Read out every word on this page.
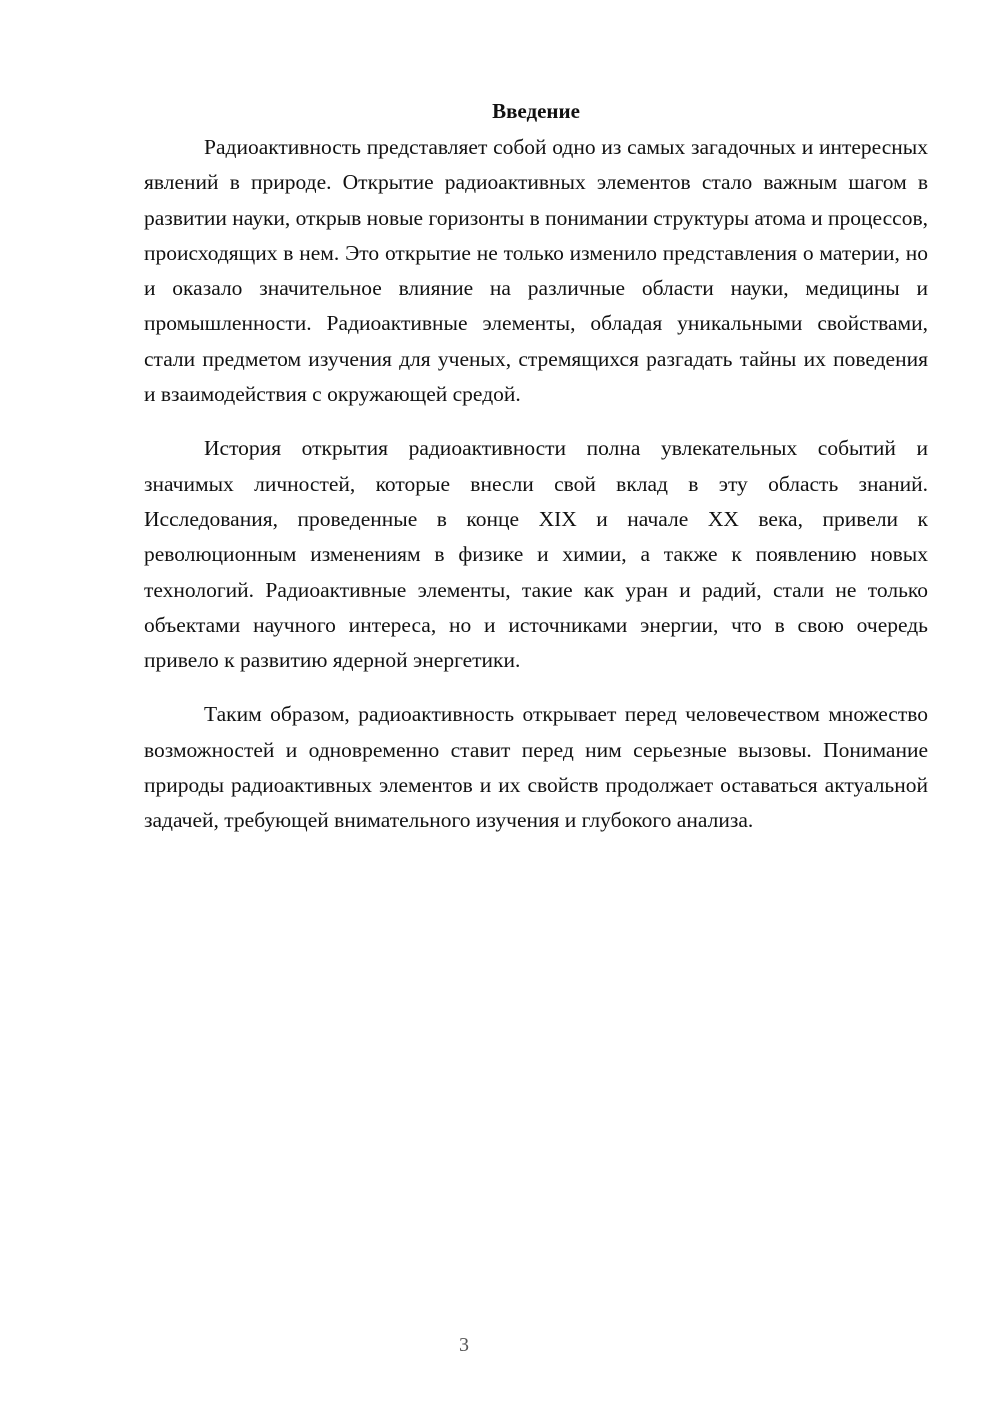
Введение

Радиоактивность представляет собой одно из самых загадочных и интересных явлений в природе. Открытие радиоактивных элементов стало важным шагом в развитии науки, открыв новые горизонты в понимании структуры атома и процессов, происходящих в нем. Это открытие не только изменило представления о материи, но и оказало значительное влияние на различные области науки, медицины и промышленности. Радиоактивные элементы, обладая уникальными свойствами, стали предметом изучения для ученых, стремящихся разгадать тайны их поведения и взаимодействия с окружающей средой.

История открытия радиоактивности полна увлекательных событий и значимых личностей, которые внесли свой вклад в эту область знаний. Исследования, проведенные в конце XIX и начале XX века, привели к революционным изменениям в физике и химии, а также к появлению новых технологий. Радиоактивные элементы, такие как уран и радий, стали не только объектами научного интереса, но и источниками энергии, что в свою очередь привело к развитию ядерной энергетики.

Таким образом, радиоактивность открывает перед человечеством множество возможностей и одновременно ставит перед ним серьезные вызовы. Понимание природы радиоактивных элементов и их свойств продолжает оставаться актуальной задачей, требующей внимательного изучения и глубокого анализа.

3
